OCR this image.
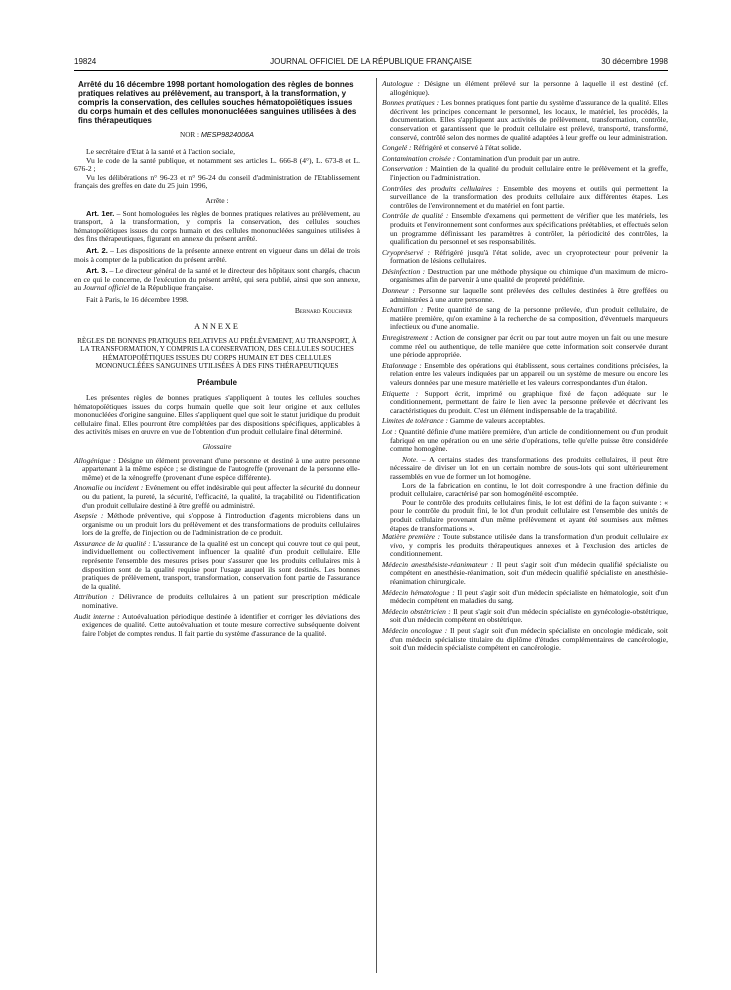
19824	JOURNAL OFFICIEL DE LA RÉPUBLIQUE FRANÇAISE	30 décembre 1998

Arrêté du 16 décembre 1998 portant homologation des règles de bonnes pratiques relatives au prélèvement, au transport, à la transformation, y compris la conservation, des cellules souches hématopoïétiques issues du corps humain et des cellules mononucléées sanguines utilisées à des fins thérapeutiques

NOR : MESP9824006A

Le secrétaire d'Etat à la santé et à l'action sociale,

Vu le code de la santé publique, et notamment ses articles L. 666-8 (4°), L. 673-8 et L. 676-2 ;

Vu les délibérations n° 96-23 et n° 96-24 du conseil d'administration de l'Etablissement français des greffes en date du 25 juin 1996,

Arrête :

Art. 1er. – Sont homologuées les règles de bonnes pratiques relatives au prélèvement, au transport, à la transformation, y compris la conservation, des cellules souches hématopoïétiques issues du corps humain et des cellules mononucléées sanguines utilisées à des fins thérapeutiques, figurant en annexe du présent arrêté.

Art. 2. – Les dispositions de la présente annexe entrent en vigueur dans un délai de trois mois à compter de la publication du présent arrêté.

Art. 3. – Le directeur général de la santé et le directeur des hôpitaux sont chargés, chacun en ce qui le concerne, de l'exécution du présent arrêté, qui sera publié, ainsi que son annexe, au Journal officiel de la République française.

Fait à Paris, le 16 décembre 1998.

Bernard Kouchner

ANNEXE

RÈGLES DE BONNES PRATIQUES RELATIVES AU PRÉLÈVEMENT, AU TRANSPORT, À LA TRANSFORMATION, Y COMPRIS LA CONSERVATION, DES CELLULES SOUCHES HÉMATOPOÏÉTIQUES ISSUES DU CORPS HUMAIN ET DES CELLULES MONONUCLÉÉES SANGUINES UTILISÉES À DES FINS THÉRAPEUTIQUES

Préambule

Les présentes règles de bonnes pratiques s'appliquent à toutes les cellules souches hématopoïétiques issues du corps humain quelle que soit leur origine et aux cellules mononucléées d'origine sanguine. Elles s'appliquent quel que soit le statut juridique du produit cellulaire final. Elles pourront être complétées par des dispositions spécifiques, applicables à des activités mises en œuvre en vue de l'obtention d'un produit cellulaire final déterminé.

Glossaire

Allogénique : Désigne un élément provenant d'une personne et destiné à une autre personne appartenant à la même espèce ; se distingue de l'autogreffe (provenant de la personne elle-même) et de la xénogreffe (provenant d'une espèce différente).

Anomalie ou incident : Evénement ou effet indésirable qui peut affecter la sécurité du donneur ou du patient, la pureté, la sécurité, l'efficacité, la qualité, la traçabilité ou l'identification d'un produit cellulaire destiné à être greffé ou administré.

Asepsie : Méthode préventive, qui s'oppose à l'introduction d'agents microbiens dans un organisme ou un produit lors du prélèvement et des transformations de produits cellulaires lors de la greffe, de l'injection ou de l'administration de ce produit.

Assurance de la qualité : L'assurance de la qualité est un concept qui couvre tout ce qui peut, individuellement ou collectivement influencer la qualité d'un produit cellulaire. Elle représente l'ensemble des mesures prises pour s'assurer que les produits cellulaires mis à disposition sont de la qualité requise pour l'usage auquel ils sont destinés. Les bonnes pratiques de prélèvement, transport, transformation, conservation font partie de l'assurance de la qualité.

Attribution : Délivrance de produits cellulaires à un patient sur prescription médicale nominative.

Audit interne : Autoévaluation périodique destinée à identifier et corriger les déviations des exigences de qualité. Cette autoévaluation et toute mesure corrective subséquente doivent faire l'objet de comptes rendus. Il fait partie du système d'assurance de la qualité.

Autologue : Désigne un élément prélevé sur la personne à laquelle il est destiné (cf. allogénique).

Bonnes pratiques : Les bonnes pratiques font partie du système d'assurance de la qualité. Elles décrivent les principes concernant le personnel, les locaux, le matériel, les procédés, la documentation. Elles s'appliquent aux activités de prélèvement, transformation, contrôle, conservation et garantissent que le produit cellulaire est prélevé, transporté, transformé, conservé, contrôlé selon des normes de qualité adaptées à leur greffe ou leur administration.

Congelé : Réfrigéré et conservé à l'état solide.

Contamination croisée : Contamination d'un produit par un autre.

Conservation : Maintien de la qualité du produit cellulaire entre le prélèvement et la greffe, l'injection ou l'administration.

Contrôles des produits cellulaires : Ensemble des moyens et outils qui permettent la surveillance de la transformation des produits cellulaire aux différentes étapes. Les contrôles de l'environnement et du matériel en font partie.

Contrôle de qualité : Ensemble d'examens qui permettent de vérifier que les matériels, les produits et l'environnement sont conformes aux spécifications préétablies, et effectués selon un programme définissant les paramètres à contrôler, la périodicité des contrôles, la qualification du personnel et ses responsabilités.

Cryopréservé : Réfrigéré jusqu'à l'état solide, avec un cryoprotecteur pour prévenir la formation de lésions cellulaires.

Désinfection : Destruction par une méthode physique ou chimique d'un maximum de micro-organismes afin de parvenir à une qualité de propreté prédéfinie.

Donneur : Personne sur laquelle sont prélevées des cellules destinées à être greffées ou administrées à une autre personne.

Echantillon : Petite quantité de sang de la personne prélevée, d'un produit cellulaire, de matière première, qu'on examine à la recherche de sa composition, d'éventuels marqueurs infectieux ou d'une anomalie.

Enregistrement : Action de consigner par écrit ou par tout autre moyen un fait ou une mesure comme réel ou authentique, de telle manière que cette information soit conservée durant une période appropriée.

Etalonnage : Ensemble des opérations qui établissent, sous certaines conditions précisées, la relation entre les valeurs indiquées par un appareil ou un système de mesure ou encore les valeurs données par une mesure matérielle et les valeurs correspondantes d'un étalon.

Etiquette : Support écrit, imprimé ou graphique fixé de façon adéquate sur le conditionnement, permettant de faire le lien avec la personne prélevée et décrivant les caractéristiques du produit. C'est un élément indispensable de la traçabilité.

Limites de tolérance : Gamme de valeurs acceptables.

Lot : Quantité définie d'une matière première, d'un article de conditionnement ou d'un produit fabriqué en une opération ou en une série d'opérations, telle qu'elle puisse être considérée comme homogène.

Note. – A certains stades des transformations des produits cellulaires, il peut être nécessaire de diviser un lot en un certain nombre de sous-lots qui sont ultérieurement rassemblés en vue de former un lot homogène.

Lors de la fabrication en continu, le lot doit correspondre à une fraction définie du produit cellulaire, caractérisé par son homogénéité escomptée.

Pour le contrôle des produits cellulaires finis, le lot est défini de la façon suivante : « pour le contrôle du produit fini, le lot d'un produit cellulaire est l'ensemble des unités de produit cellulaire provenant d'un même prélèvement et ayant été soumises aux mêmes étapes de transformations ».

Matière première : Toute substance utilisée dans la transformation d'un produit cellulaire ex vivo, y compris les produits thérapeutiques annexes et à l'exclusion des articles de conditionnement.

Médecin anesthésiste-réanimateur : Il peut s'agir soit d'un médecin qualifié spécialiste ou compétent en anesthésie-réanimation, soit d'un médecin qualifié spécialiste en anesthésie-réanimation chirurgicale.

Médecin hématologue : Il peut s'agir soit d'un médecin spécialiste en hématologie, soit d'un médecin compétent en maladies du sang.

Médecin obstétricien : Il peut s'agir soit d'un médecin spécialiste en gynécologie-obstétrique, soit d'un médecin compétent en obstétrique.

Médecin oncologue : Il peut s'agir soit d'un médecin spécialiste en oncologie médicale, soit d'un médecin spécialiste titulaire du diplôme d'études complémentaires de cancérologie, soit d'un médecin spécialiste compétent en cancérologie.
